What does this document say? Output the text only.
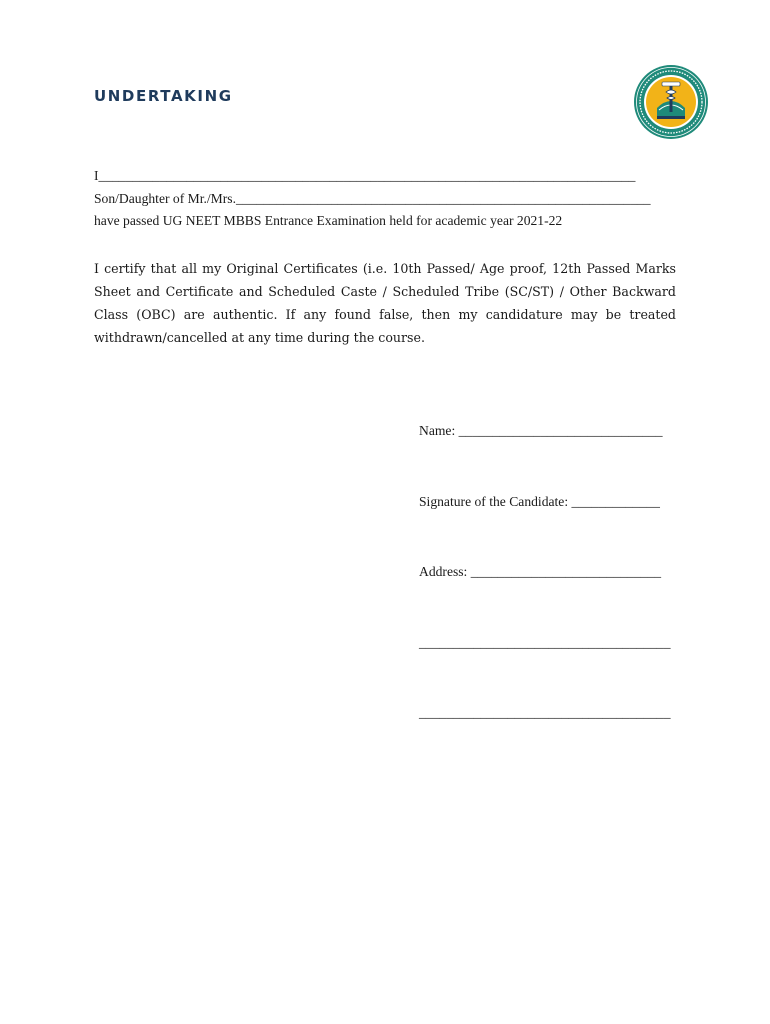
UNDERTAKING
I_______________________________________________________________________________
Son/Daughter of Mr./Mrs._____________________________________________________________
have passed UG NEET MBBS Entrance Examination held for academic year 2021-22
I certify that all my Original Certificates (i.e. 10th Passed/ Age proof, 12th Passed Marks Sheet and Certificate and Scheduled Caste / Scheduled Tribe (SC/ST) / Other Backward Class (OBC) are authentic. If any found false, then my candidature may be treated withdrawn/cancelled at any time during the course.

Name: ______________________________

Signature of the Candidate: _____________

Address: ____________________________

_____________________________________

_____________________________________
